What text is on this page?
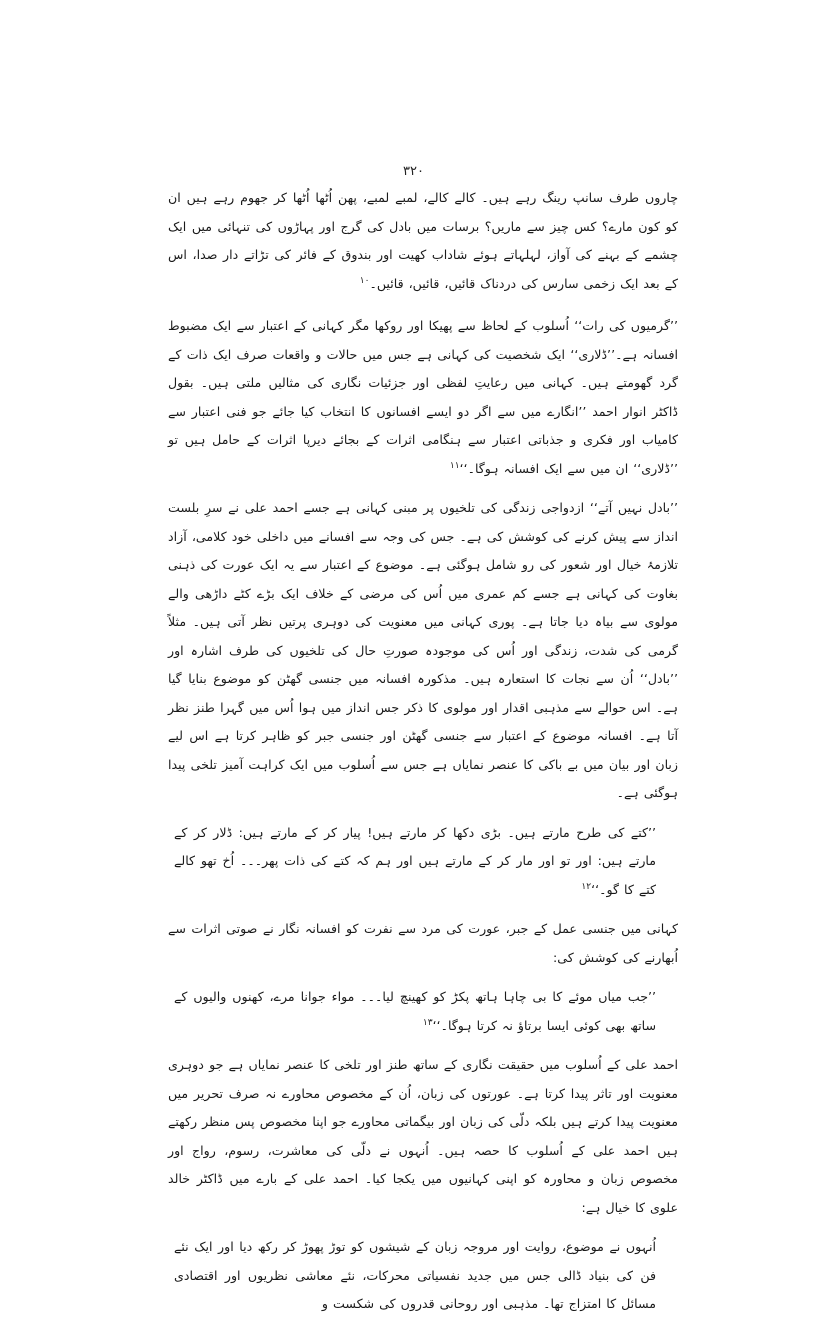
۳۲۰

چاروں طرف سانپ رینگ رہے ہیں۔ کالے کالے، لمبے لمبے، پھن اُٹھا اُٹھا کر جھوم رہے ہیں ان کو کون مارے؟ کس چیز سے ماریں؟ برسات میں بادل کی گرج اور پہاڑوں کی تنہائی میں ایک چشمے کے بہنے کی آواز، لہلہاتے ہوئے شاداب کھیت اور بندوق کے فائر کی تڑاتے دار صدا، اس کے بعد ایک زخمی سارس کی دردناک قائیں، قائیں، قائیں۔$^{۱۰}$

’’گرمیوں کی رات‘‘ اُسلوب کے لحاظ سے پھیکا اور روکھا مگر کہانی کے اعتبار سے ایک مضبوط افسانہ ہے۔’’ڈلاری‘‘ ایک شخصیت کی کہانی ہے جس میں حالات و واقعات صرف ایک ذات کے گرد گھومتے ہیں۔ کہانی میں رعایتِ لفظی اور جزئیات نگاری کی مثالیں ملتی ہیں۔ بقول ڈاکٹر انوار احمد ’’انگارے میں سے اگر دو ایسے افسانوں کا انتخاب کیا جائے جو فنی اعتبار سے کامیاب اور فکری و جذباتی اعتبار سے ہنگامی اثرات کے بجائے دیرپا اثرات کے حامل ہیں تو ’’ڈلاری‘‘ ان میں سے ایک افسانہ ہوگا۔‘‘$^{۱۱}$

’’بادل نہیں آتے‘‘ ازدواجی زندگی کی تلخیوں پر مبنی کہانی ہے جسے احمد علی نے سرِ بلست انداز سے پیش کرنے کی کوشش کی ہے۔ جس کی وجہ سے افسانے میں داخلی خود کلامی، آزاد تلازمۂ خیال اور شعور کی رو شامل ہوگئی ہے۔ موضوع کے اعتبار سے یہ ایک عورت کی ذہنی بغاوت کی کہانی ہے جسے کم عمری میں اُس کی مرضی کے خلاف ایک بڑے کٹے داڑھی والے مولوی سے بیاہ دیا جاتا ہے۔ پوری کہانی میں معنویت کی دوہری پرتیں نظر آتی ہیں۔ مثلاً گرمی کی شدت، زندگی اور اُس کی موجودہ صورتِ حال کی تلخیوں کی طرف اشارہ اور ’’بادل‘‘ اُن سے نجات کا استعارہ ہیں۔ مذکورہ افسانہ میں جنسی گھٹن کو موضوع بنایا گیا ہے۔ اس حوالے سے مذہبی اقدار اور مولوی کا ذکر جس انداز میں ہوا اُس میں گہرا طنز نظر آتا ہے۔ افسانہ موضوع کے اعتبار سے جنسی گھٹن اور جنسی جبر کو ظاہر کرتا ہے اس لیے زبان اور بیان میں بے باکی کا عنصر نمایاں ہے جس سے اُسلوب میں ایک کراہت آمیز تلخی پیدا ہوگئی ہے۔

’’کتے کی طرح مارتے ہیں۔ بڑی دکھا کر مارتے ہیں! پیار کر کے مارتے ہیں: ڈلار کر کے مارتے ہیں: اور تو اور مار کر کے مارتے ہیں اور ہم کہ کتے کی ذات پھر۔۔۔ اُخ تھو کالے کتے کا گو۔‘‘$^{۱۲}$

کہانی میں جنسی عمل کے جبر، عورت کی مرد سے نفرت کو افسانہ نگار نے صوتی اثرات سے اُبھارنے کی کوشش کی:

’’جب میاں موئے کا بی چاہا ہاتھ پکڑ کو کھینچ لیا۔۔۔ مواء جوانا مرے، کھنوں والیوں کے ساتھ بھی کوئی ایسا برتاؤ نہ کرتا ہوگا۔‘‘$^{۱۳}$

احمد علی کے اُسلوب میں حقیقت نگاری کے ساتھ طنز اور تلخی کا عنصر نمایاں ہے جو دوہری معنویت اور تاثر پیدا کرتا ہے۔ عورتوں کی زبان، اُن کے مخصوص محاورے نہ صرف تحریر میں معنویت پیدا کرتے ہیں بلکہ دلّی کی زبان اور بیگماتی محاورے جو اپنا مخصوص پس منظر رکھتے ہیں احمد علی کے اُسلوب کا حصہ ہیں۔ اُنہوں نے دلّی کی معاشرت، رسوم، رواج اور مخصوص زبان و محاورہ کو اپنی کہانیوں میں یکجا کیا۔ احمد علی کے بارے میں ڈاکٹر خالد علوی کا خیال ہے:

اُنہوں نے موضوع، روایت اور مروجہ زبان کے شیشوں کو توڑ پھوڑ کر رکھ دیا اور ایک نئے فن کی بنیاد ڈالی جس میں جدید نفسیاتی محرکات، نئے معاشی نظریوں اور اقتصادی مسائل کا امتزاج تھا۔ مذہبی اور روحانی قدروں کی شکست و
